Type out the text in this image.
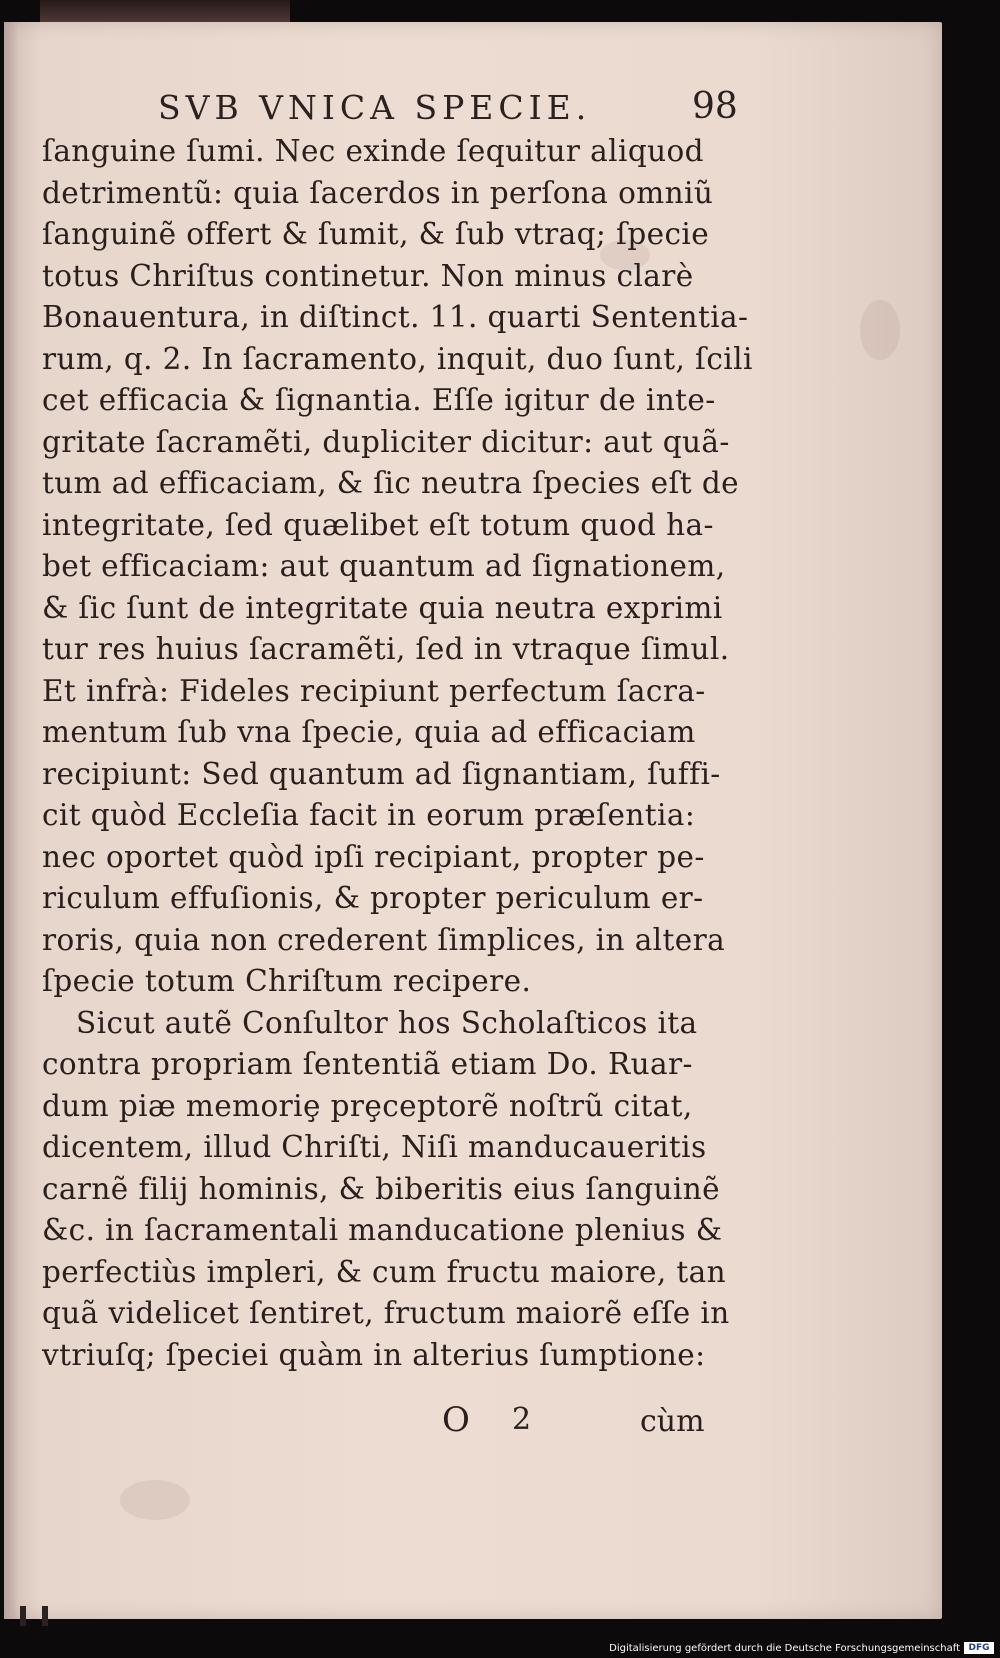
SVB VNICA SPECIE.	98
ſanguine ſumi. Nec exinde ſequitur aliquod
detrimentũ: quia ſacerdos in perſona omniũ
ſanguinẽ offert & ſumit, & ſub vtraq; ſpecie
totus Chriſtus continetur. Non minus clarè
Bonauentura, in diſtinct. 11. quarti Sententia-
rum, q. 2. In ſacramento, inquit, duo ſunt, ſcili
cet efficacia & ſignantia. Eſſe igitur de inte-
gritate ſacramẽti, dupliciter dicitur: aut quã-
tum ad efficaciam, & ſic neutra ſpecies eſt de
integritate, ſed quælibet eſt totum quod ha-
bet efficaciam: aut quantum ad ſignationem,
& ſic ſunt de integritate quia neutra exprimi
tur res huius ſacramẽti, ſed in vtraque ſimul.
Et infrà: Fideles recipiunt perfectum ſacra-
mentum ſub vna ſpecie, quia ad efficaciam
recipiunt: Sed quantum ad ſignantiam, ſuffi-
cit quòd Eccleſia facit in eorum præſentia:
nec oportet quòd ipſi recipiant, propter pe-
riculum effuſionis, & propter periculum er-
roris, quia non crederent ſimplices, in altera
ſpecie totum Chriſtum recipere.
Sicut autẽ Conſultor hos Scholaſticos ita
contra propriam ſententiã etiam Do. Ruar-
dum piæ memoriȩ prȩceptorẽ noſtrũ citat,
dicentem, illud Chriſti, Niſi manducaueritis
carnẽ filij hominis, & biberitis eius ſanguinẽ
&c. in ſacramentali manducatione plenius &
perfectiùs impleri, & cum fructu maiore, tan
quã videlicet ſentiret, fructum maiorẽ eſſe in
vtriuſq; ſpeciei quàm in alterius ſumptione:
O 2	cùm
Digitalisierung gefördert durch die Deutsche Forschungsgemeinschaft DFG
